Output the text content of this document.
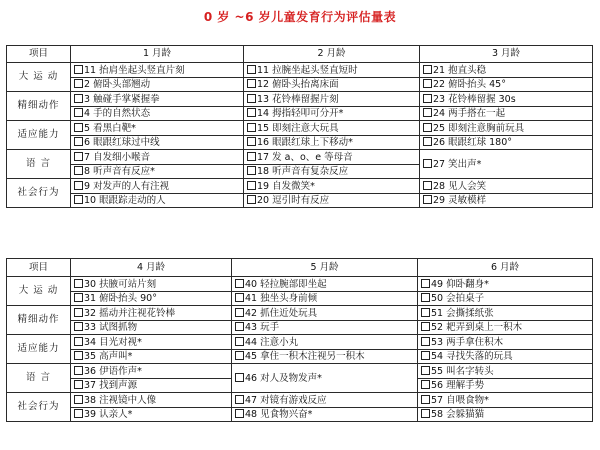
0 岁 ~6 岁儿童发育行为评估量表
项目	1 月龄	2 月龄	3 月龄
大 运 动	11 抬肩坐起头竖直片刻	11 拉腕坐起头竖直短时	21 抱直头稳
	2 俯卧头部翘动	12 俯卧头抬离床面	22 俯卧抬头 45°
精细动作	3 触碰手掌紧握拳	13 花铃棒留握片刻	23 花铃棒留握 30s
	4 手的自然状态	14 拇指轻叩可分开*	24 两手搭在一起
适应能力	5 看黑白靶*	15 即刻注意大玩具	25 即刻注意胸前玩具
	6 眼跟红球过中线	16 眼跟红球上下移动*	26 眼跟红球 180°
语 言	7 自发细小喉音	17 发 a、o、e 等母音	27 笑出声*
	8 听声音有反应*	18 听声音有复杂反应	
社会行为	9 对发声的人有注视	19 自发微笑*	28 见人会笑
	10 眼跟踪走动的人	20 逗引时有反应	29 灵敏模样
项目	4 月龄	5 月龄	6 月龄
大 运 动	30 扶腋可站片刻	40 轻拉腕部即坐起	49 仰卧翻身*
	31 俯卧抬头 90°	41 独坐头身前倾	50 会拍桌子
精细动作	32 摇动并注视花铃棒	42 抓住近处玩具	51 会撕揉纸张
	33 试图抓物	43 玩手	52 耙弄到桌上一积木
适应能力	34 目光对视*	44 注意小丸	53 两手拿住积木
	35 高声叫*	45 拿住一积木注视另一积木	54 寻找失落的玩具
语 言	36 伊语作声*	46 对人及物发声*	55 叫名字转头
	37 找到声源		56 理解手势
社会行为	38 注视镜中人像	47 对镜有游戏反应	57 自喂食物*
	39 认亲人*	48 见食物兴奋*	58 会躲猫猫
